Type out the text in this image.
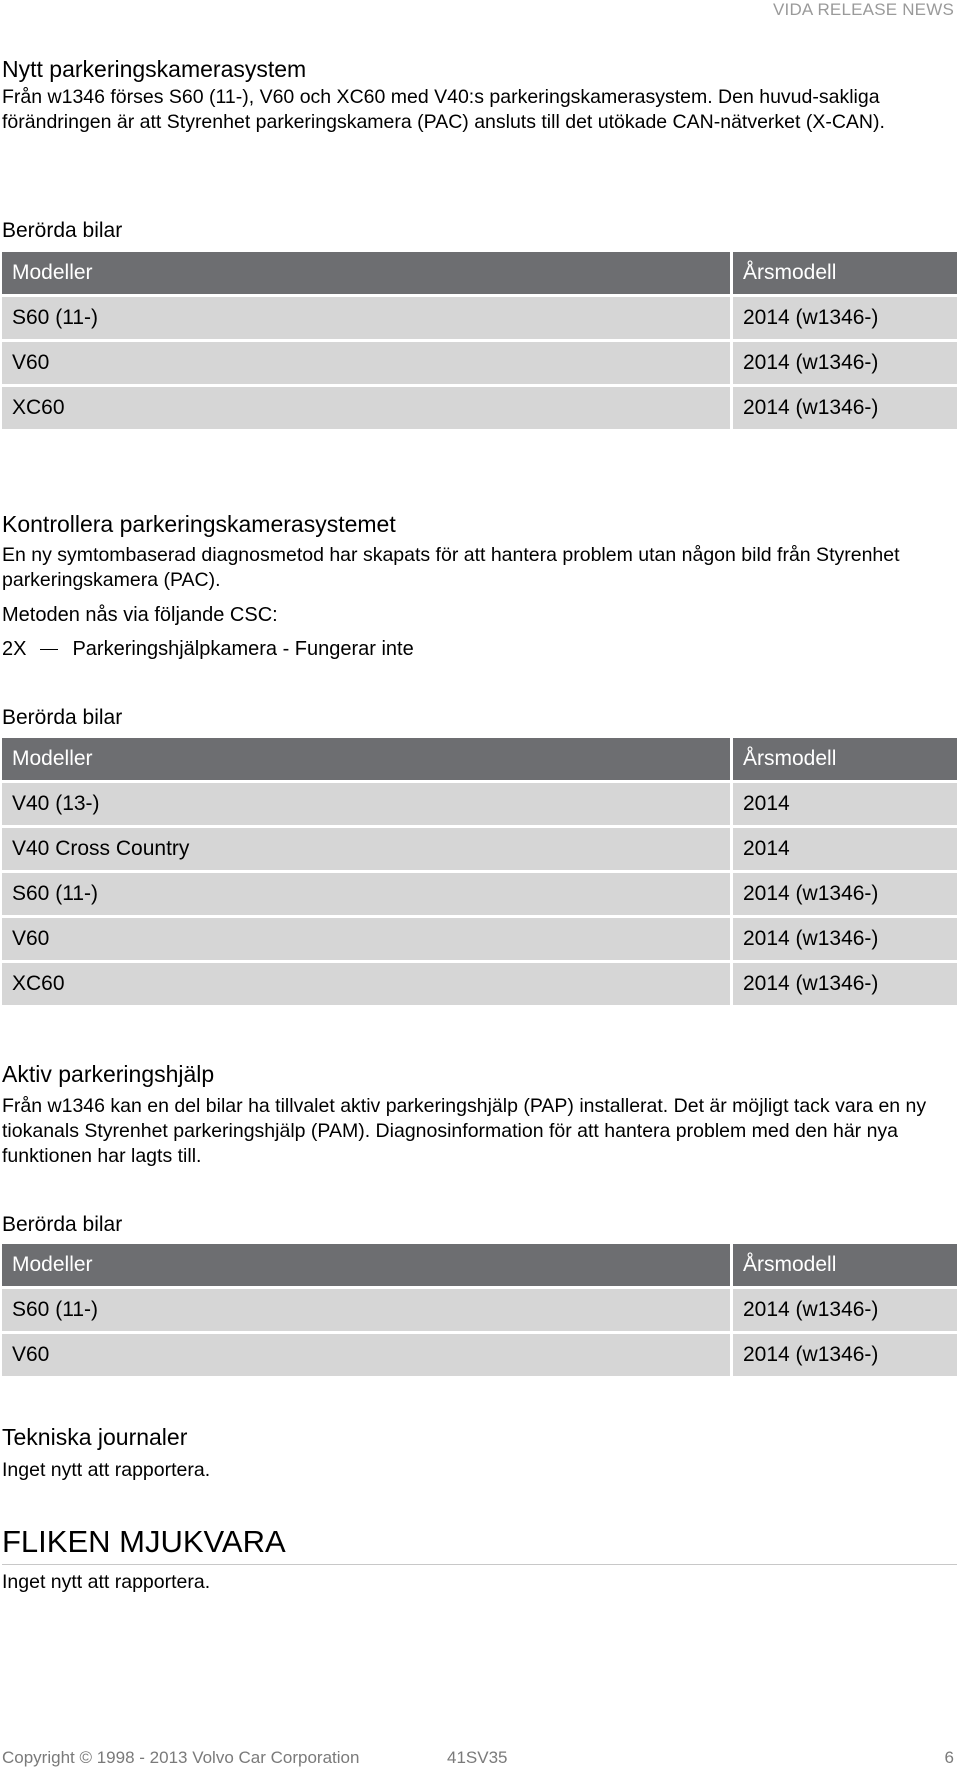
VIDA RELEASE NEWS
Nytt parkeringskamerasystem

Från w1346 förses S60 (11-), V60 och XC60 med V40:s parkeringskamerasystem. Den huvud-sakliga förändringen är att Styrenhet parkeringskamera (PAC) ansluts till det utökade CAN-nätverket (X-CAN).

Berörda bilar
Modeller	Årsmodell
S60 (11-)	2014 (w1346-)
V60	2014 (w1346-)
XC60	2014 (w1346-)
Kontrollera parkeringskamerasystemet

En ny symtombaserad diagnosmetod har skapats för att hantera problem utan någon bild från Styrenhet parkeringskamera (PAC).

Metoden nås via följande CSC:

2X Parkeringshjälpkamera - Fungerar inte
Berörda bilar
Modeller	Årsmodell
V40 (13-)	2014
V40 Cross Country	2014
S60 (11-)	2014 (w1346-)
V60	2014 (w1346-)
XC60	2014 (w1346-)
Aktiv parkeringshjälp

Från w1346 kan en del bilar ha tillvalet aktiv parkeringshjälp (PAP) installerat. Det är möjligt tack vara en ny tiokanals Styrenhet parkeringshjälp (PAM). Diagnosinformation för att hantera problem med den här nya funktionen har lagts till.

Berörda bilar
Modeller	Årsmodell
S60 (11-)	2014 (w1346-)
V60	2014 (w1346-)
Tekniska journaler

Inget nytt att rapportera.

FLIKEN MJUKVARA

Inget nytt att rapportera.

Copyright © 1998 - 2013 Volvo Car Corporation	41SV35	6
